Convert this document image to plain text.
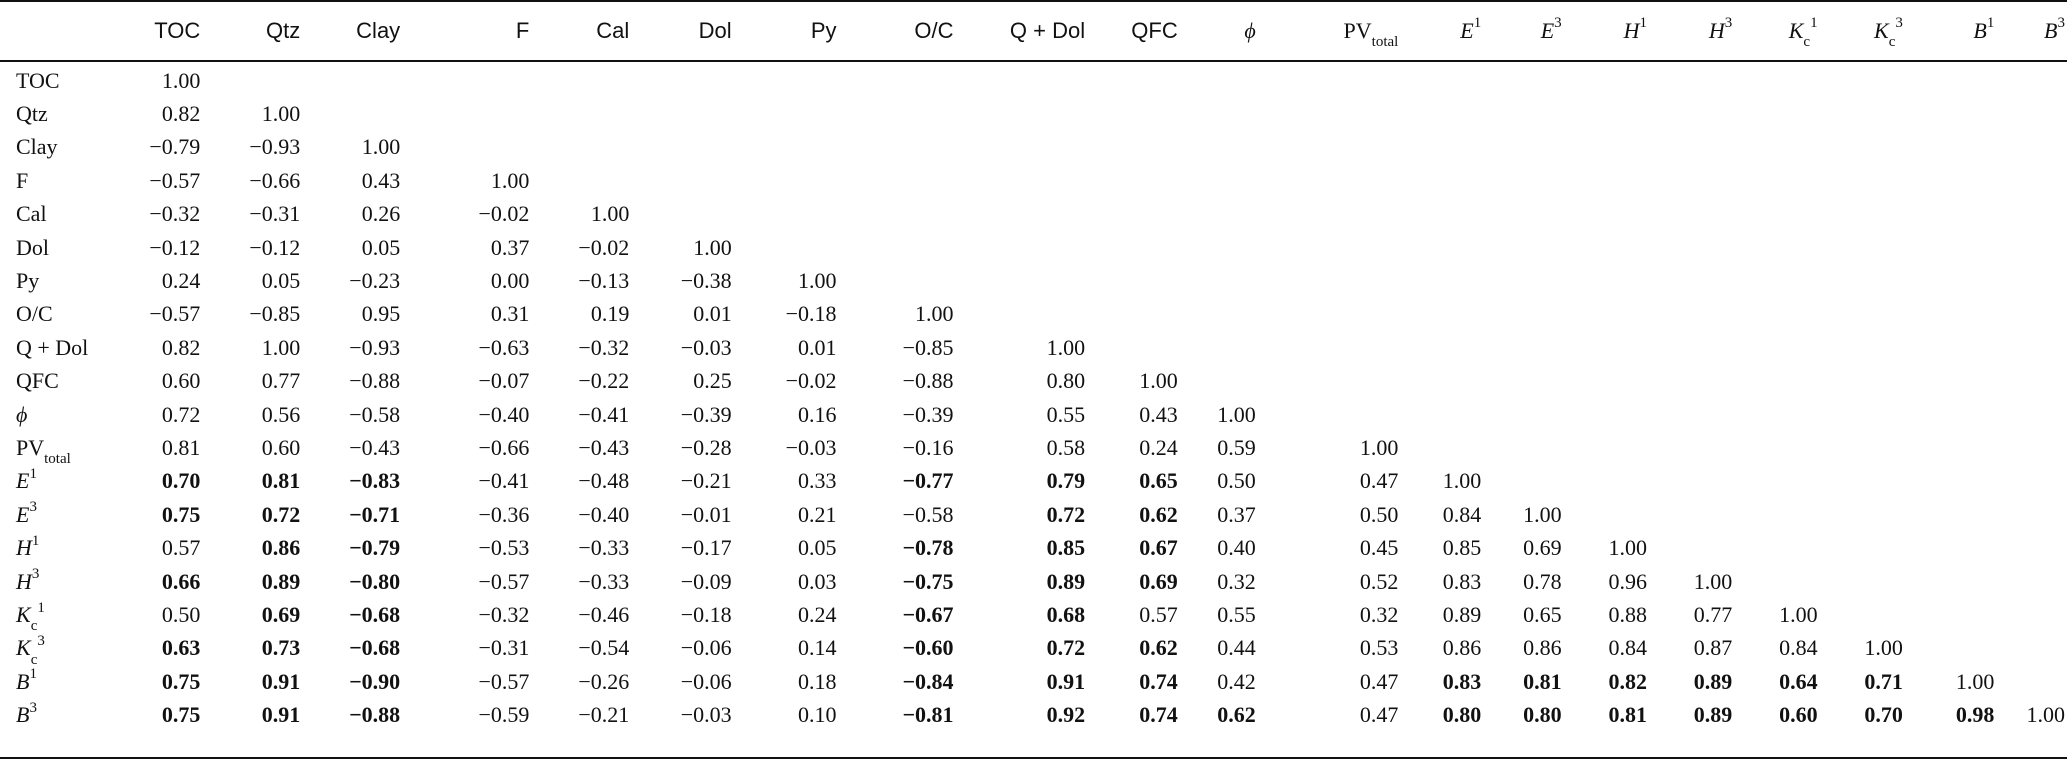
	TOC	Qtz	Clay	F	Cal	Dol	Py	O/C	Q + Dol	QFC	ϕ	$PV_{total}$	$E^1$	$E^3$	$H^1$	$H^3$	$K_c^1$	$K_c^3$	$B^1$	$B^3$
TOC	1.00																			
Qtz	0.82	1.00																		
Clay	−0.79	−0.93	1.00																	
F	−0.57	−0.66	0.43	1.00																
Cal	−0.32	−0.31	0.26	−0.02	1.00															
Dol	−0.12	−0.12	0.05	0.37	−0.02	1.00														
Py	0.24	0.05	−0.23	0.00	−0.13	−0.38	1.00													
O/C	−0.57	−0.85	0.95	0.31	0.19	0.01	−0.18	1.00												
Q + Dol	0.82	1.00	−0.93	−0.63	−0.32	−0.03	0.01	−0.85	1.00											
QFC	0.60	0.77	−0.88	−0.07	−0.22	0.25	−0.02	−0.88	0.80	1.00										
ϕ	0.72	0.56	−0.58	−0.40	−0.41	−0.39	0.16	−0.39	0.55	0.43	1.00									
$PV_{total}$	0.81	0.60	−0.43	−0.66	−0.43	−0.28	−0.03	−0.16	0.58	0.24	0.59	1.00								
$E^1$	0.70	0.81	−0.83	−0.41	−0.48	−0.21	0.33	−0.77	0.79	0.65	0.50	0.47	1.00							
$E^3$	0.75	0.72	−0.71	−0.36	−0.40	−0.01	0.21	−0.58	0.72	0.62	0.37	0.50	0.84	1.00						
$H^1$	0.57	0.86	−0.79	−0.53	−0.33	−0.17	0.05	−0.78	0.85	0.67	0.40	0.45	0.85	0.69	1.00					
$H^3$	0.66	0.89	−0.80	−0.57	−0.33	−0.09	0.03	−0.75	0.89	0.69	0.32	0.52	0.83	0.78	0.96	1.00				
$K_c^1$	0.50	0.69	−0.68	−0.32	−0.46	−0.18	0.24	−0.67	0.68	0.57	0.55	0.32	0.89	0.65	0.88	0.77	1.00			
$K_c^3$	0.63	0.73	−0.68	−0.31	−0.54	−0.06	0.14	−0.60	0.72	0.62	0.44	0.53	0.86	0.86	0.84	0.87	0.84	1.00		
$B^1$	0.75	0.91	−0.90	−0.57	−0.26	−0.06	0.18	−0.84	0.91	0.74	0.42	0.47	0.83	0.81	0.82	0.89	0.64	0.71	1.00	
$B^3$	0.75	0.91	−0.88	−0.59	−0.21	−0.03	0.10	−0.81	0.92	0.74	0.62	0.47	0.80	0.80	0.81	0.89	0.60	0.70	0.98	1.00
